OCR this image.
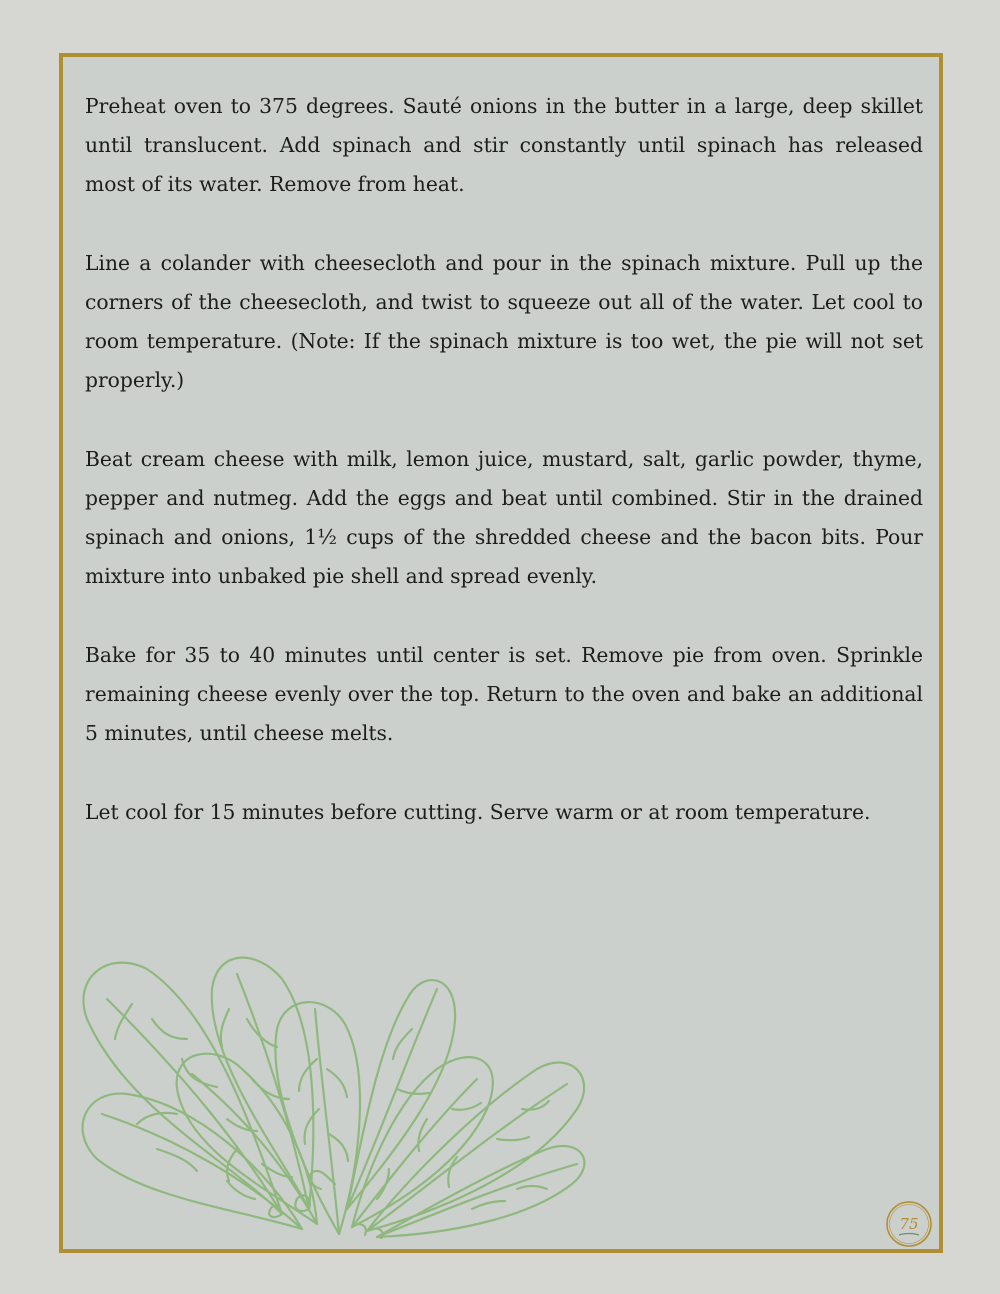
Preheat oven to 375 degrees. Sauté onions in the butter in a large, deep skillet until translucent. Add spinach and stir constantly until spinach has released most of its water. Remove from heat.

Line a colander with cheesecloth and pour in the spinach mixture. Pull up the corners of the cheesecloth, and twist to squeeze out all of the water. Let cool to room temperature. (Note: If the spinach mixture is too wet, the pie will not set properly.)

Beat cream cheese with milk, lemon juice, mustard, salt, garlic powder, thyme, pepper and nutmeg. Add the eggs and beat until combined. Stir in the drained spinach and onions, 1½ cups of the shredded cheese and the bacon bits. Pour mixture into unbaked pie shell and spread evenly.

Bake for 35 to 40 minutes until center is set. Remove pie from oven. Sprinkle remaining cheese evenly over the top. Return to the oven and bake an additional 5 minutes, until cheese melts.

Let cool for 15 minutes before cutting. Serve warm or at room temperature.

75
